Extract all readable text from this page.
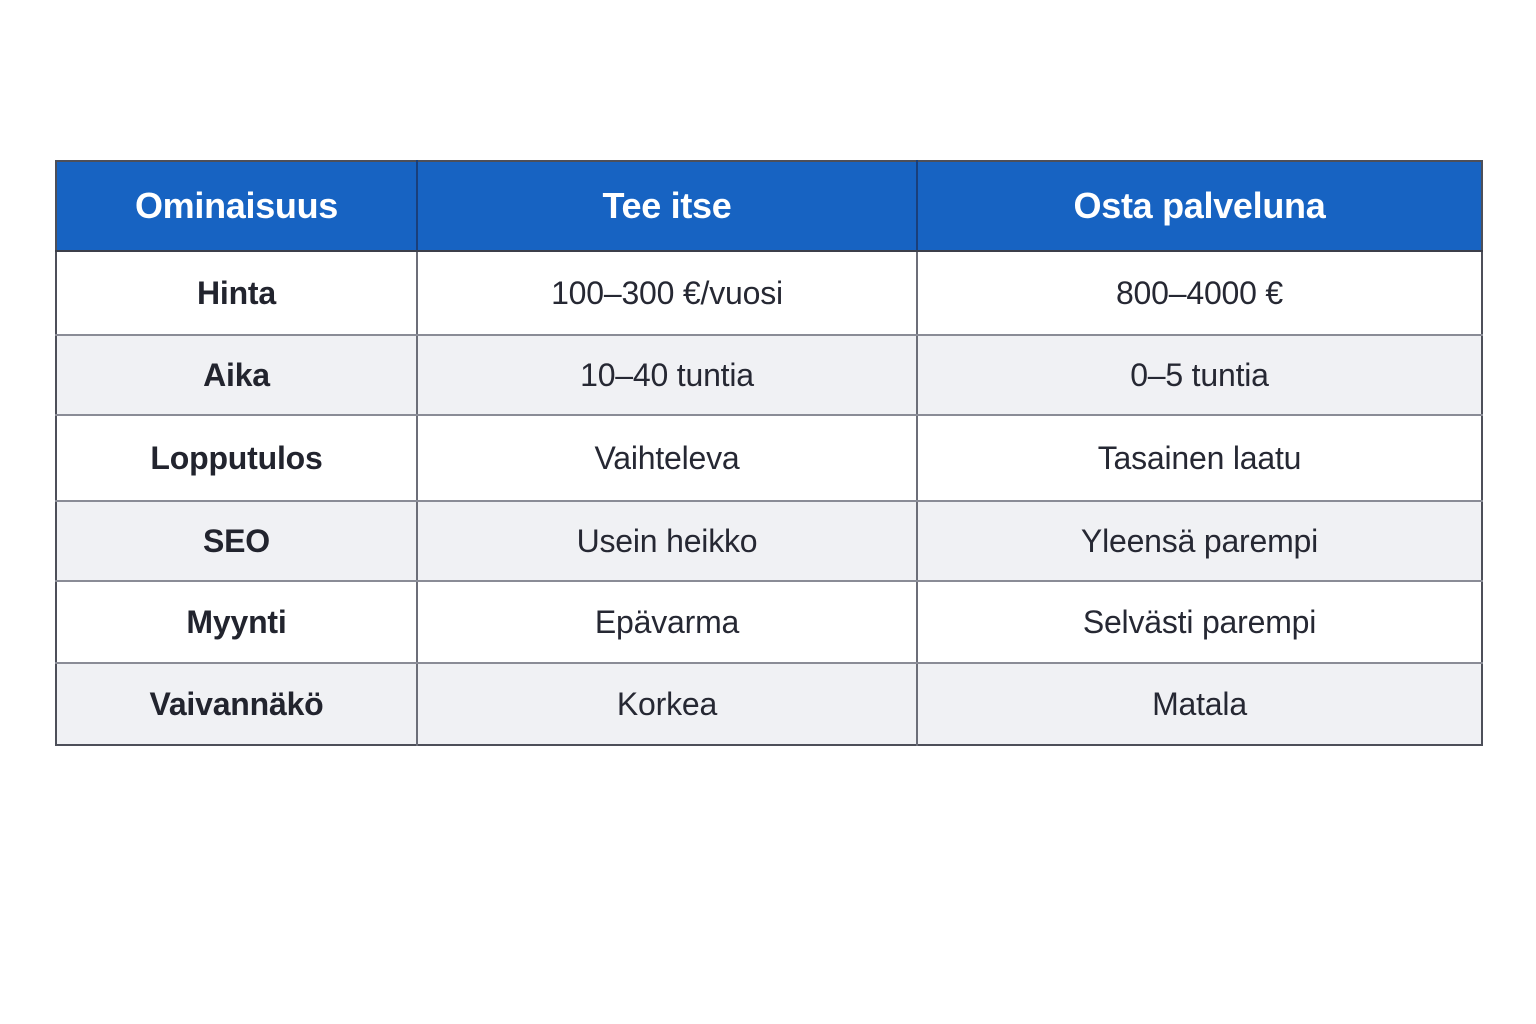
Ominaisuus	Tee itse	Osta palveluna
Hinta	100–300 €/vuosi	800–4000 €
Aika	10–40 tuntia	0–5 tuntia
Lopputulos	Vaihteleva	Tasainen laatu
SEO	Usein heikko	Yleensä parempi
Myynti	Epävarma	Selvästi parempi
Vaivannäkö	Korkea	Matala
